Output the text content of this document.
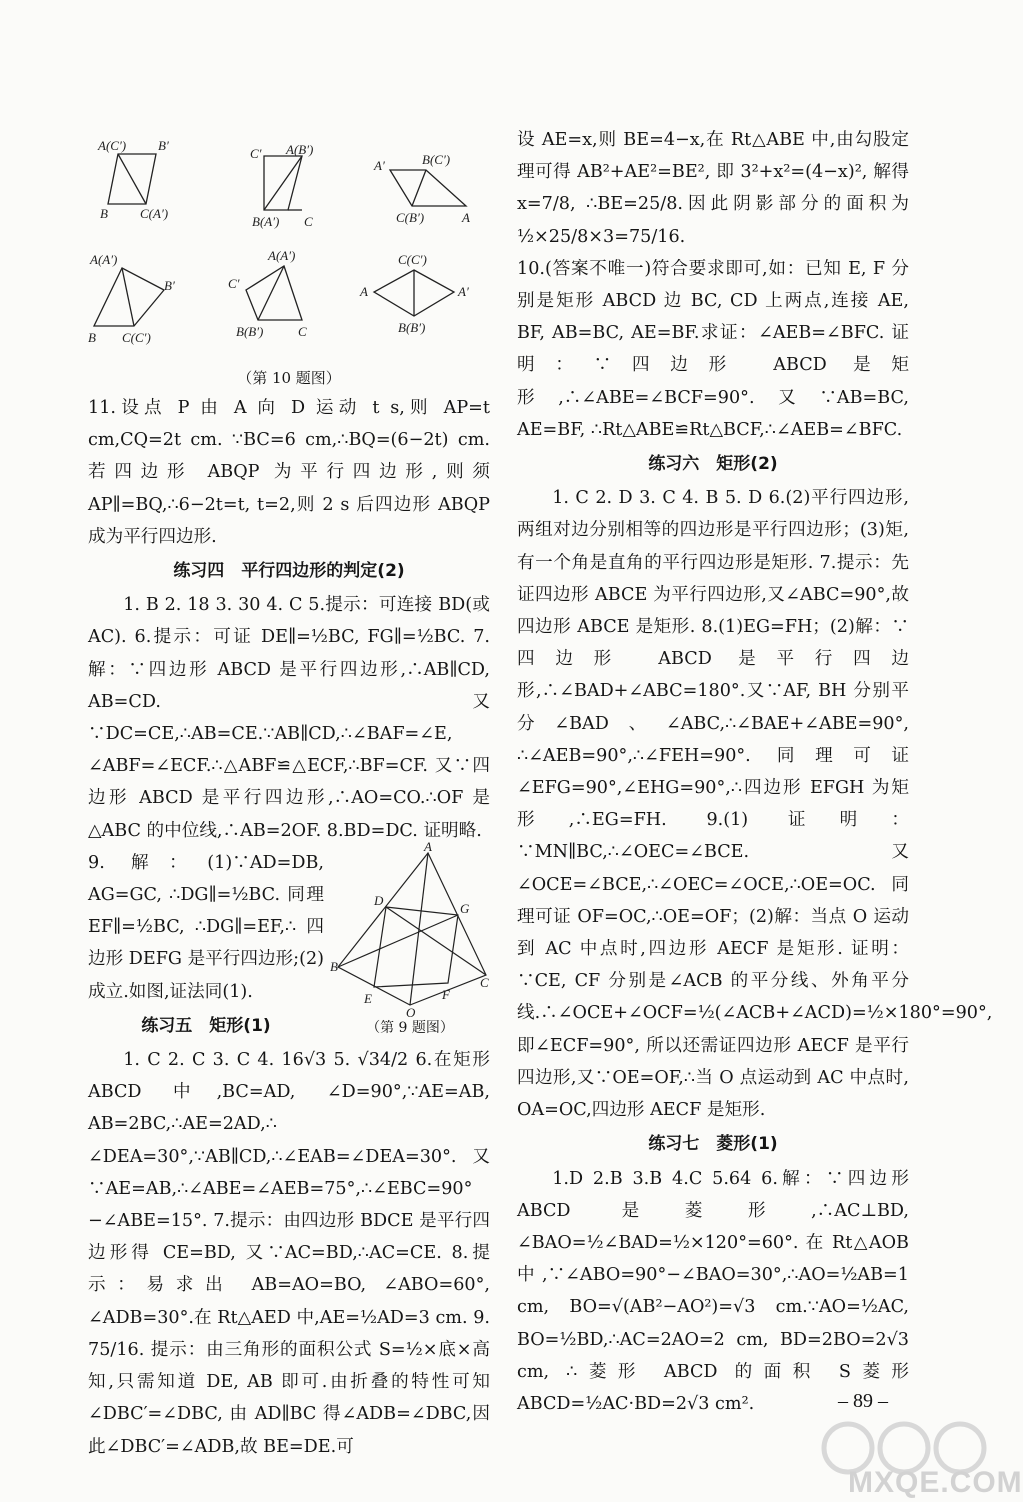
A(C′) B′
B C(A′)
C′ A(B′)
B(A′) C
A′	B(C′)
C(B′)	A
A(A′)
B′
B C(C′)
A(A′)
C′
B(B′)	C
C(C′)
A	A′
B(B′)
（第 10 题图）

11.设点 P 由 A 向 D 运动 t s,则 AP=t cm,CQ=2t cm. ∵BC=6 cm,∴BQ=(6−2t) cm.若四边形 ABQP 为平行四边形,则须 AP∥=BQ,∴6−2t=t, t=2,则 2 s 后四边形 ABQP 成为平行四边形.

练习四　平行四边形的判定(2)

1. B 2. 18 3. 30 4. C 5.提示：可连接 BD(或 AC). 6.提示：可证 DE∥=½BC, FG∥=½BC. 7.解：∵四边形 ABCD 是平行四边形,∴AB∥CD, AB=CD. 又∵DC=CE,∴AB=CE.∵AB∥CD,∴∠BAF=∠E, ∠ABF=∠ECF.∴△ABF≌△ECF,∴BF=CF. 又∵四边形 ABCD 是平行四边形,∴AO=CO.∴OF 是△ABC 的中位线,∴AB=2OF. 8.BD=DC. 证明略.

A
D
G
B
C
E	F
O
（第 9 题图）

9. 解：(1)∵AD=DB, AG=GC, ∴DG∥=½BC. 同理 EF∥=½BC, ∴DG∥=EF,∴ 四边形 DEFG 是平行四边形;(2)成立.如图,证法同(1).

练习五　矩形(1)

1. C 2. C 3. C 4. 16√3 5. √34/2 6.在矩形 ABCD 中,BC=AD, ∠D=90°,∵AE=AB, AB=2BC,∴AE=2AD,∴ ∠DEA=30°,∵AB∥CD,∴∠EAB=∠DEA=30°. 又∵AE=AB,∴∠ABE=∠AEB=75°,∴∠EBC=90°−∠ABE=15°. 7.提示：由四边形 BDCE 是平行四边形得 CE=BD, 又∵AC=BD,∴AC=CE. 8.提示：易求出 AB=AO=BO, ∠ABO=60°, ∠ADB=30°.在 Rt△AED 中,AE=½AD=3 cm. 9. 75/16. 提示：由三角形的面积公式 S=½×底×高知,只需知道 DE, AB 即可.由折叠的特性可知∠DBC′=∠DBC, 由 AD∥BC 得∠ADB=∠DBC,因此∠DBC′=∠ADB,故 BE=DE.可

设 AE=x,则 BE=4−x,在 Rt△ABE 中,由勾股定理可得 AB²+AE²=BE², 即 3²+x²=(4−x)², 解得 x=7/8, ∴BE=25/8.因此阴影部分的面积为½×25/8×3=75/16.

10.(答案不唯一)符合要求即可,如：已知 E, F 分别是矩形 ABCD 边 BC, CD 上两点,连接 AE, BF, AB=BC, AE=BF.求证：∠AEB=∠BFC. 证明：∵四边形 ABCD 是矩形,∴∠ABE=∠BCF=90°.又∵AB=BC, AE=BF, ∴Rt△ABE≌Rt△BCF,∴∠AEB=∠BFC.

练习六　矩形(2)

1. C 2. D 3. C 4. B 5. D 6.(2)平行四边形,两组对边分别相等的四边形是平行四边形；(3)矩,有一个角是直角的平行四边形是矩形. 7.提示：先证四边形 ABCE 为平行四边形,又∠ABC=90°,故四边形 ABCE 是矩形. 8.(1)EG=FH；(2)解：∵四边形 ABCD 是平行四边形,∴∠BAD+∠ABC=180°.又∵AF, BH 分别平分∠BAD、∠ABC,∴∠BAE+∠ABE=90°, ∴∠AEB=90°,∴∠FEH=90°. 同理可证∠EFG=90°,∠EHG=90°,∴四边形 EFGH 为矩形,∴EG=FH. 9.(1) 证明：∵MN∥BC,∴∠OEC=∠BCE. 又∠OCE=∠BCE,∴∠OEC=∠OCE,∴OE=OC.同理可证 OF=OC,∴OE=OF；(2)解：当点 O 运动到 AC 中点时,四边形 AECF 是矩形. 证明：∵CE, CF 分别是∠ACB 的平分线、外角平分线.∴∠OCE+∠OCF=½(∠ACB+∠ACD)=½×180°=90°,即∠ECF=90°, 所以还需证四边形 AECF 是平行四边形,又∵OE=OF,∴当 O 点运动到 AC 中点时, OA=OC,四边形 AECF 是矩形.

练习七　菱形(1)

1.D 2.B 3.B 4.C 5.64 6.解：∵四边形 ABCD 是菱形,∴AC⊥BD, ∠BAO=½∠BAD=½×120°=60°. 在 Rt△AOB 中,∵∠ABO=90°−∠BAO=30°,∴AO=½AB=1 cm, BO=√(AB²−AO²)=√3 cm.∵AO=½AC, BO=½BD,∴AC=2AO=2 cm, BD=2BO=2√3 cm, ∴菱形 ABCD 的面积 S菱形ABCD=½AC·BD=2√3 cm².	– 89 –
MXQE.COM
